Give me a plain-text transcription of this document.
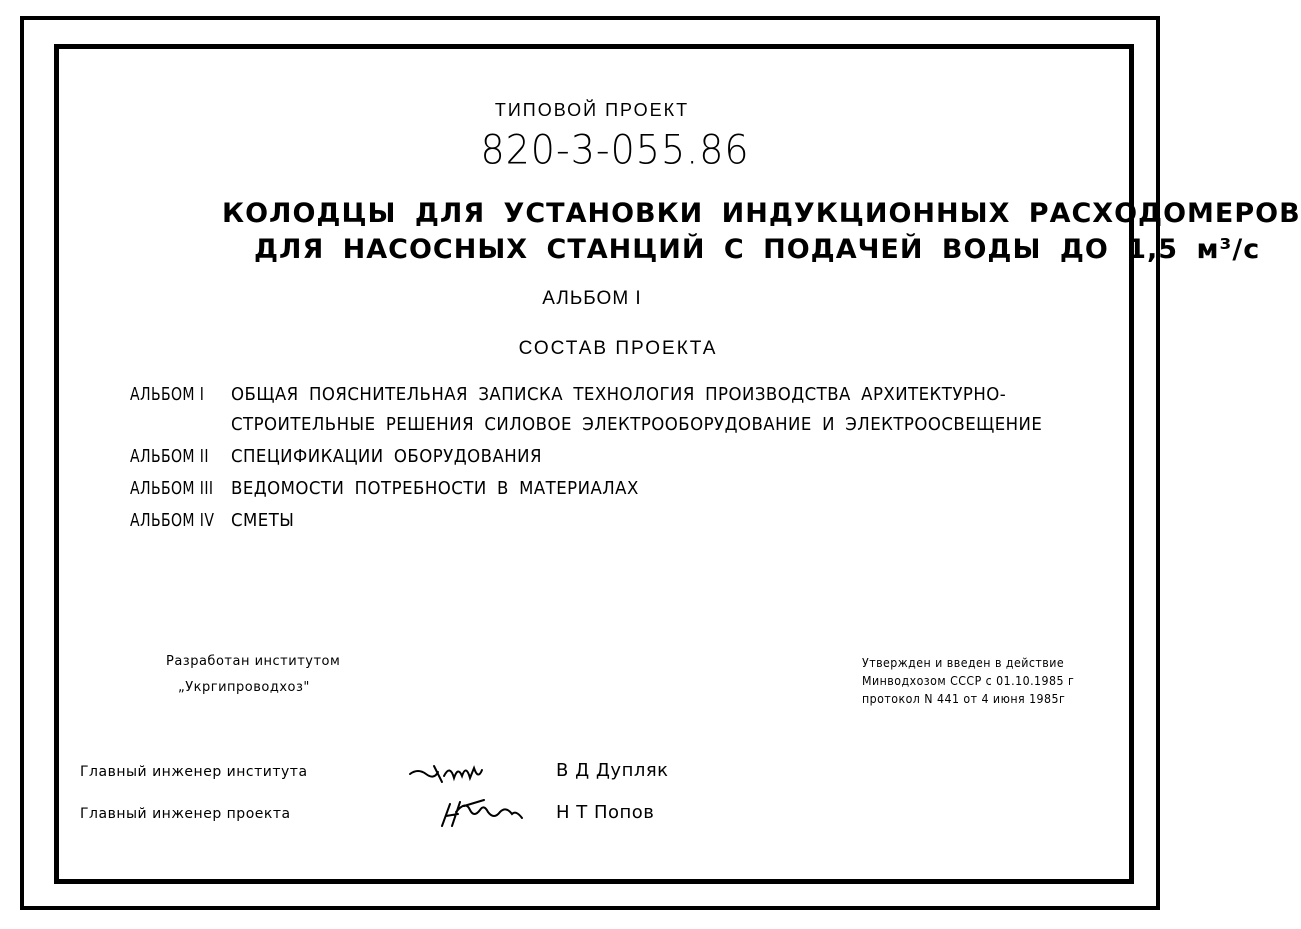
ТИПОВОЙ ПРОЕКТ
820-3-055.86
КОЛОДЦЫ ДЛЯ УСТАНОВКИ ИНДУКЦИОННЫХ РАСХОДОМЕРОВ
ДЛЯ НАСОСНЫХ СТАНЦИЙ С ПОДАЧЕЙ ВОДЫ ДО 1,5 м³/с
АЛЬБОМ I
СОСТАВ ПРОЕКТА
АЛЬБОМ I ОБЩАЯ ПОЯСНИТЕЛЬНАЯ ЗАПИСКА ТЕХНОЛОГИЯ ПРОИЗВОДСТВА АРХИТЕКТУРНО-
СТРОИТЕЛЬНЫЕ РЕШЕНИЯ СИЛОВОЕ ЭЛЕКТРООБОРУДОВАНИЕ И ЭЛЕКТРООСВЕЩЕНИЕ
АЛЬБОМ II СПЕЦИФИКАЦИИ ОБОРУДОВАНИЯ
АЛЬБОМ III ВЕДОМОСТИ ПОТРЕБНОСТИ В МАТЕРИАЛАХ
АЛЬБОМ IV СМЕТЫ
Разработан институтом
„Укргипроводхоз"
Утвержден и введен в действие
Минводхозом СССР с 01.10.1985 г
протокол N 441 от 4 июня 1985г
Главный инженер института	В Д Дупляк
Главный инженер проекта	Н Т Попов
